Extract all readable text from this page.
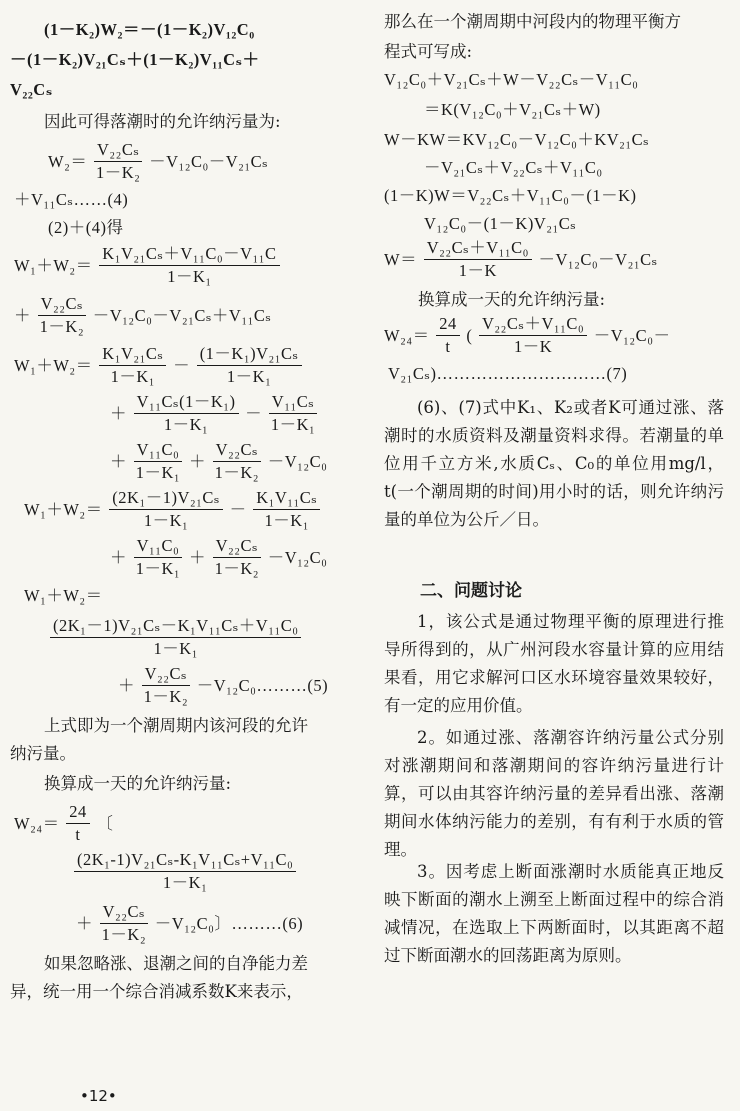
(1－K₂)W₂＝－(1－K₂)V₁₂C₀
－(1－K₂)V₂₁Cₛ＋(1－K₂)V₁₁Cₛ＋
V₂₂Cₛ
因此可得落潮时的允许纳污量为:
$W_2= \frac{\text{V₂₂Cₛ}}{\text{1－K₂}} -V_{12}C_0-V_{21}C_s$
＋V₁₁Cₛ……(4)
(2)＋(4)得
$W_1+W_2= \frac{\text{K₁V₂₁Cₛ＋V₁₁C₀－V₁₁C}}{\text{1－K₁}}$
＋ $\frac{\text{V₂₂Cₛ}}{\text{1－K₂}} -V_{12}C_0-V_{21}C_s+V_{11}C_s$
$W_1+W_2= \frac{\text{K₁V₂₁Cₛ}}{\text{1－K₁}} - \frac{\text{(1－K₁)V₂₁Cₛ}}{\text{1－K₁}}$
＋ $\frac{\text{V₁₁Cₛ(1－K₁)}}{\text{1－K₁}} - \frac{\text{V₁₁Cₛ}}{\text{1－K₁}}$
＋ $\frac{\text{V₁₁C₀}}{\text{1－K₁}} + \frac{\text{V₂₂Cₛ}}{\text{1－K₂}} -V_{12}C_0$
$W_1+W_2= \frac{\text{(2K₁－1)V₂₁Cₛ}}{\text{1－K₁}} - \frac{\text{K₁V₁₁Cₛ}}{\text{1－K₁}}$
＋ $\frac{\text{V₁₁C₀}}{\text{1－K₁}} + \frac{\text{V₂₂Cₛ}}{\text{1－K₂}} -V_{12}C_0$
W₁＋W₂＝
$\frac{\text{(2K₁－1)V₂₁Cₛ－K₁V₁₁Cₛ＋V₁₁C₀}}{\text{1－K₁}}$
＋ $\frac{\text{V₂₂Cₛ}}{\text{1－K₂}}$ －V₁₂C₀………(5)
上式即为一个潮周期内该河段的允许
纳污量。
换算成一天的允许纳污量:
$W_{24}= \frac{24}{t}$ 〔
$\frac{\text{(2K₁-1)V₂₁Cₛ-K₁V₁₁Cₛ+V₁₁C₀}}{\text{1－K₁}}$
＋ $\frac{\text{V₂₂Cₛ}}{\text{1－K₂}} -V_{12}C_0$〕………(6)
如果忽略涨、退潮之间的自净能力差
异，统一用一个综合消减系数K来表示，
那么在一个潮周期中河段内的物理平衡方
程式可写成:
V₁₂C₀＋V₂₁Cₛ＋W－V₂₂Cₛ－V₁₁C₀
＝K(V₁₂C₀＋V₂₁Cₛ＋W)
W－KW＝KV₁₂C₀－V₁₂C₀＋KV₂₁Cₛ
－V₂₁Cₛ＋V₂₂Cₛ＋V₁₁C₀
(1－K)W＝V₂₂Cₛ＋V₁₁C₀－(1－K)
V₁₂C₀－(1－K)V₂₁Cₛ
$W= \frac{\text{V₂₂Cₛ＋V₁₁C₀}}{1-K} -V_{12}C_0-V_{21}C_s$
换算成一天的允许纳污量:
$W_{24}= \frac{24}{t}$ ( $\frac{\text{V₂₂Cₛ＋V₁₁C₀}}{1-K} -V_{12}C_0-$
V₂₁Cₛ)…………………………(7)

(6)、(7)式中K₁、K₂或者K可通过涨、落潮时的水质资料及潮量资料求得。若潮量的单位用千立方米,水质Cₛ、C₀的单位用mg/l，t(一个潮周期的时间)用小时的话，则允许纳污量的单位为公斤／日。

二、问题讨论

1，该公式是通过物理平衡的原理进行推导所得到的，从广州河段水容量计算的应用结果看，用它求解河口区水环境容量效果较好，有一定的应用价值。

2。如通过涨、落潮容许纳污量公式分别对涨潮期间和落潮期间的容许纳污量进行计算，可以由其容许纳污量的差异看出涨、落潮期间水体纳污能力的差别，有有利于水质的管理。

3。因考虑上断面涨潮时水质能真正地反映下断面的潮水上溯至上断面过程中的综合消减情况，在选取上下两断面时，以其距离不超过下断面潮水的回荡距离为原则。

•12•
